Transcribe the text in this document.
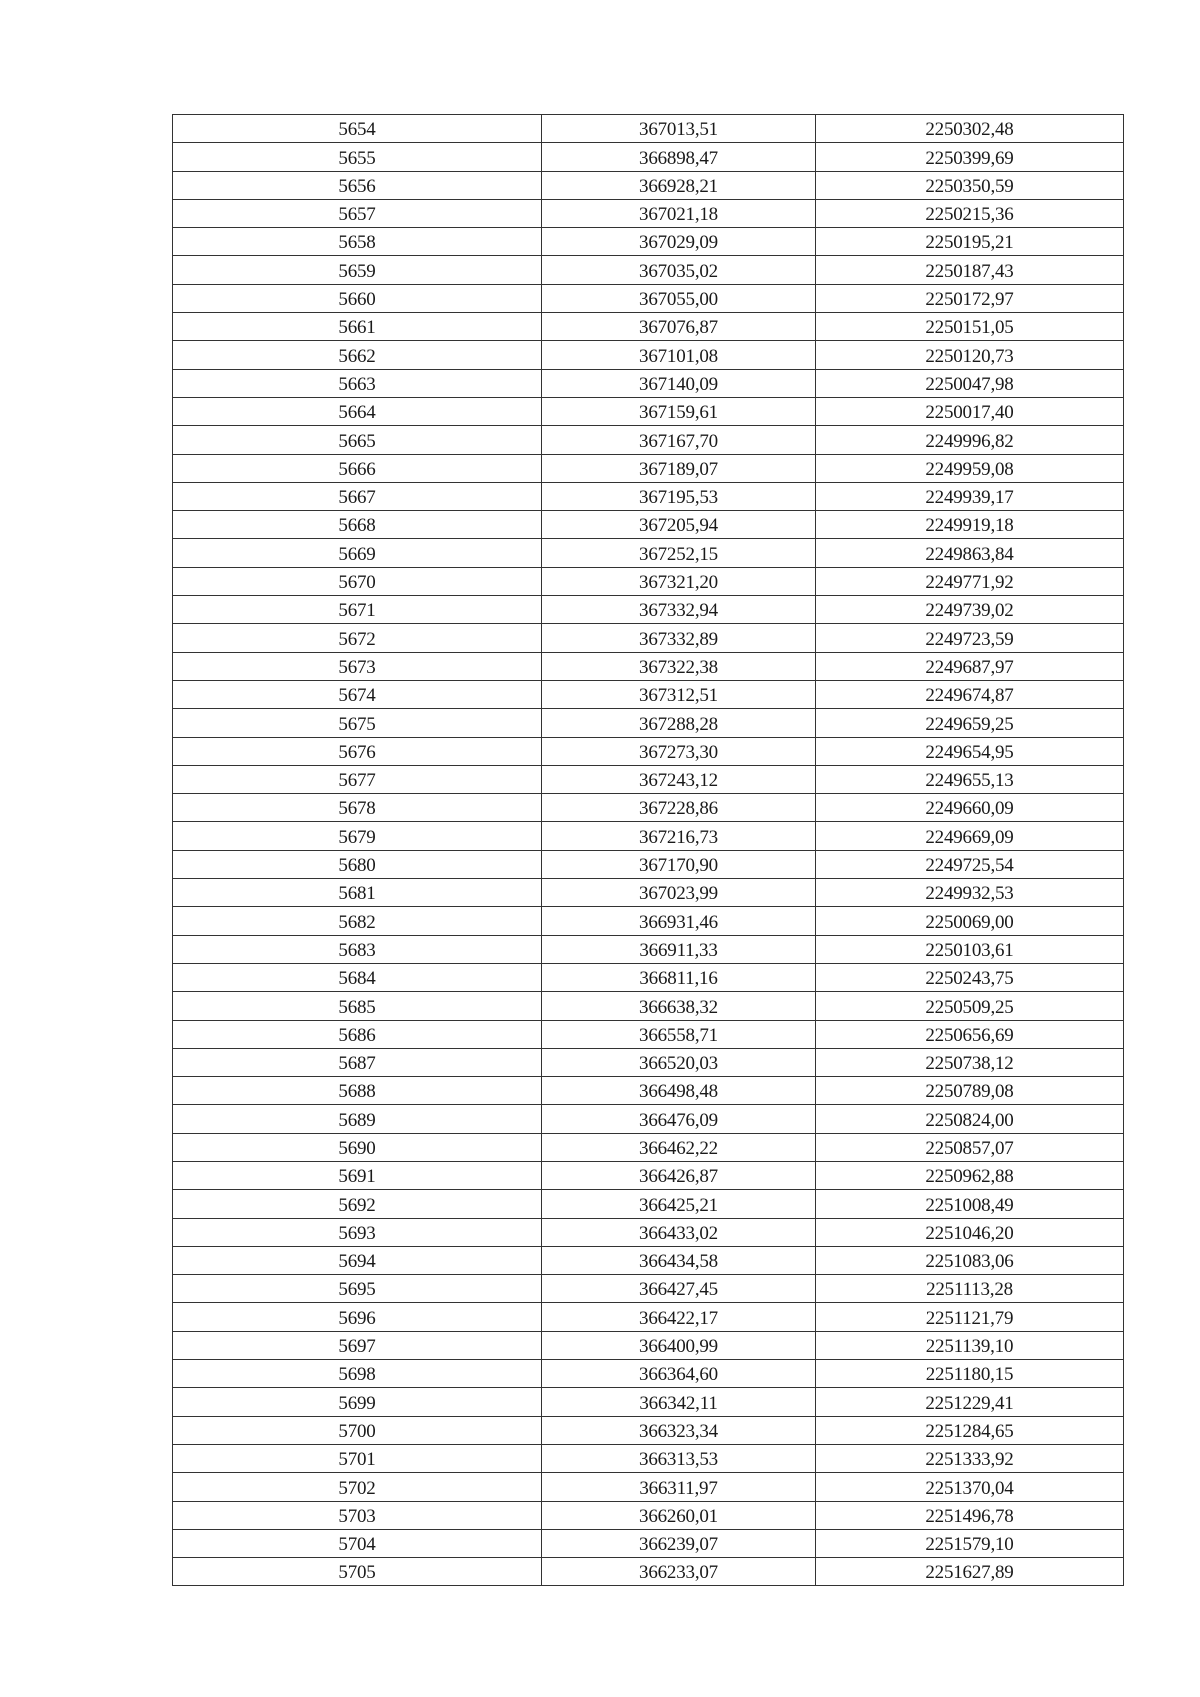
5654	367013,51	2250302,48
5655	366898,47	2250399,69
5656	366928,21	2250350,59
5657	367021,18	2250215,36
5658	367029,09	2250195,21
5659	367035,02	2250187,43
5660	367055,00	2250172,97
5661	367076,87	2250151,05
5662	367101,08	2250120,73
5663	367140,09	2250047,98
5664	367159,61	2250017,40
5665	367167,70	2249996,82
5666	367189,07	2249959,08
5667	367195,53	2249939,17
5668	367205,94	2249919,18
5669	367252,15	2249863,84
5670	367321,20	2249771,92
5671	367332,94	2249739,02
5672	367332,89	2249723,59
5673	367322,38	2249687,97
5674	367312,51	2249674,87
5675	367288,28	2249659,25
5676	367273,30	2249654,95
5677	367243,12	2249655,13
5678	367228,86	2249660,09
5679	367216,73	2249669,09
5680	367170,90	2249725,54
5681	367023,99	2249932,53
5682	366931,46	2250069,00
5683	366911,33	2250103,61
5684	366811,16	2250243,75
5685	366638,32	2250509,25
5686	366558,71	2250656,69
5687	366520,03	2250738,12
5688	366498,48	2250789,08
5689	366476,09	2250824,00
5690	366462,22	2250857,07
5691	366426,87	2250962,88
5692	366425,21	2251008,49
5693	366433,02	2251046,20
5694	366434,58	2251083,06
5695	366427,45	2251113,28
5696	366422,17	2251121,79
5697	366400,99	2251139,10
5698	366364,60	2251180,15
5699	366342,11	2251229,41
5700	366323,34	2251284,65
5701	366313,53	2251333,92
5702	366311,97	2251370,04
5703	366260,01	2251496,78
5704	366239,07	2251579,10
5705	366233,07	2251627,89
